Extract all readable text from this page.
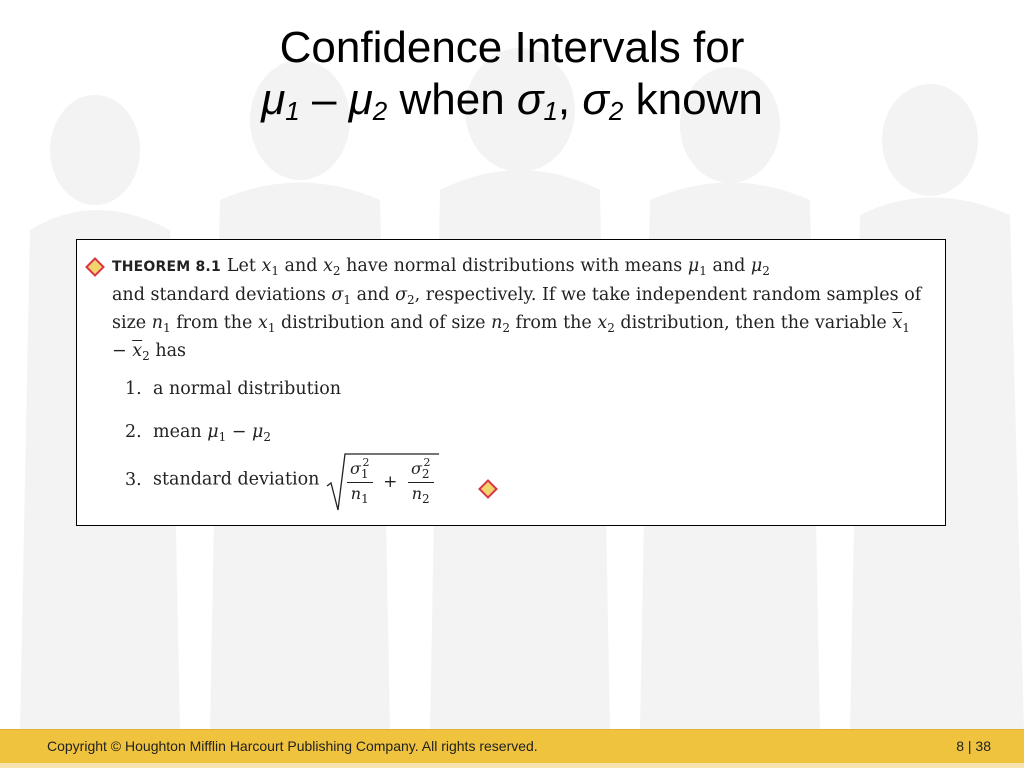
Confidence Intervals for
$\mu_1 - \mu_2$ when $\sigma_1$, $\sigma_2$ known
THEOREM 8.1 Let $x_1$ and $x_2$ have normal distributions with means $\mu_1$ and $\mu_2$
and standard deviations $\sigma_1$ and $\sigma_2$, respectively. If we take independent random samples of size $n_1$ from the $x_1$ distribution and of size $n_2$ from the $x_2$ distribution, then the variable $\overline{x}_1 - \overline{x}_2$ has
1. a normal distribution
2. mean $\mu_1 - \mu_2$
3. standard deviation $\frac{\sigma_1^2}{n_1} + \frac{\sigma_2^2}{n_2}$
Copyright © Houghton Mifflin Harcourt Publishing Company. All rights reserved.	8 | 38
